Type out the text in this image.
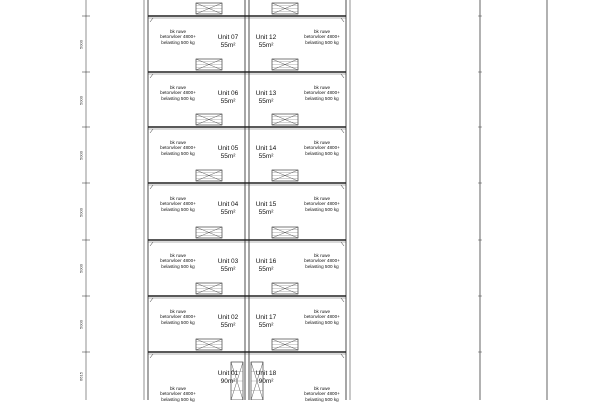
Unit 07
55m²
Unit 12
55m²
bk ruwe
betonvloer 4800+
belasting 500 kg
bk ruwe
betonvloer 4800+
belasting 500 kg
Unit 06
55m²
Unit 13
55m²
bk ruwe
betonvloer 4800+
belasting 500 kg
bk ruwe
betonvloer 4800+
belasting 500 kg
Unit 05
55m²
Unit 14
55m²
bk ruwe
betonvloer 4800+
belasting 500 kg
bk ruwe
betonvloer 4800+
belasting 500 kg
Unit 04
55m²
Unit 15
55m²
bk ruwe
betonvloer 4800+
belasting 500 kg
bk ruwe
betonvloer 4800+
belasting 500 kg
Unit 03
55m²
Unit 16
55m²
bk ruwe
betonvloer 4800+
belasting 500 kg
bk ruwe
betonvloer 4800+
belasting 500 kg
Unit 02
55m²
Unit 17
55m²
bk ruwe
betonvloer 4800+
belasting 500 kg
bk ruwe
betonvloer 4800+
belasting 500 kg
Unit 01
90m²
Unit 18
90m²
bk ruwe
betonvloer 4800+
belasting 500 kg
bk ruwe
betonvloer 4800+
belasting 500 kg
5000
5000
5000
5000
5000
5000
6615
